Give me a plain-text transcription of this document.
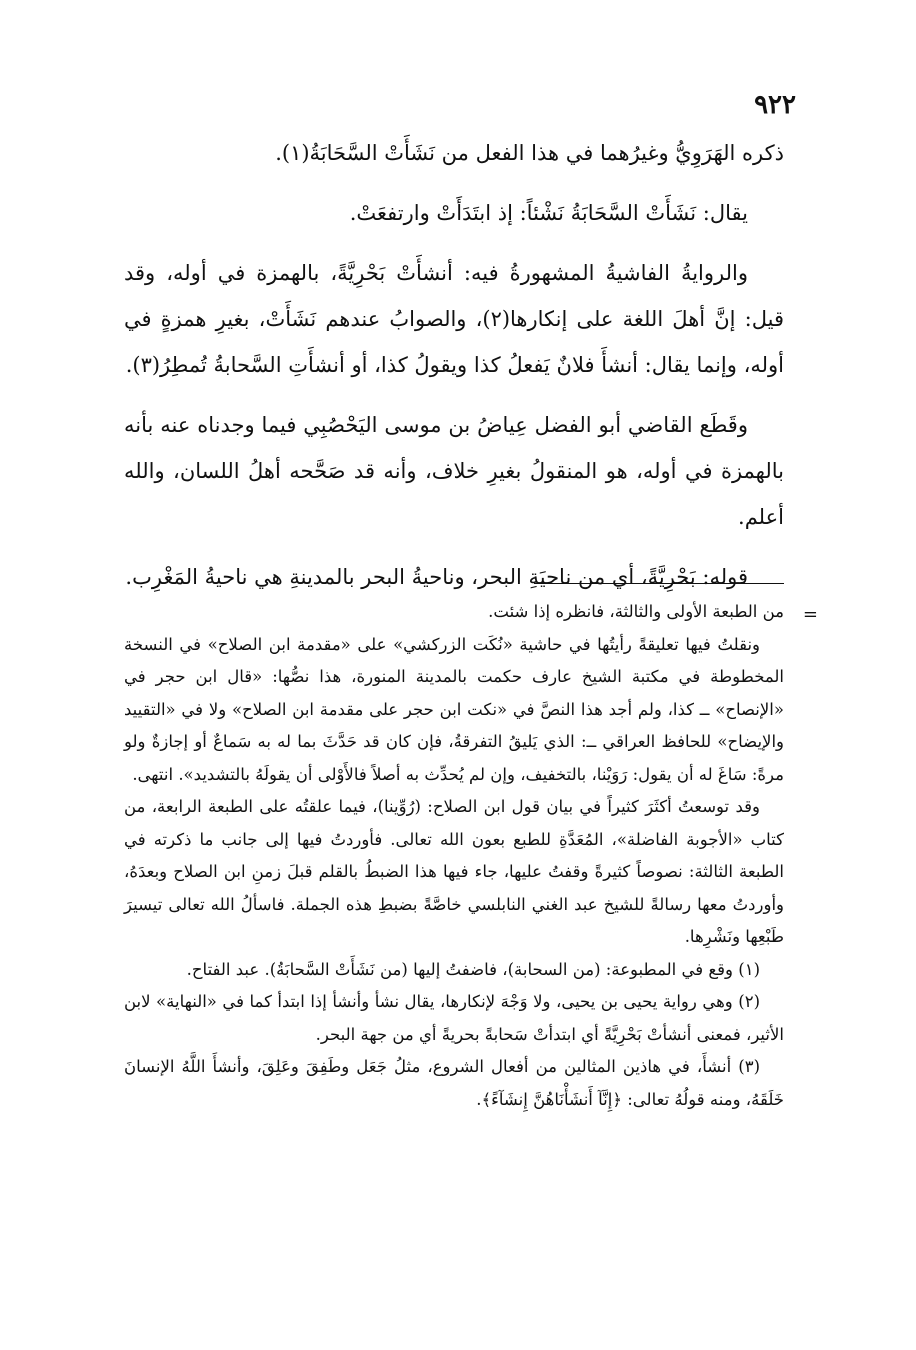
٩٢٢

ذكره الهَرَوِيُّ وغيرُهما في هذا الفعل من نَشَأَتْ السَّحَابَةُ(١).

يقال: نَشَأَتْ السَّحَابَةُ نَشْئاً: إذ ابتَدَأَتْ وارتفعَتْ.

والروايةُ الفاشيةُ المشهورةُ فيه: أنشأَتْ بَحْرِيَّةً، بالهمزة في أوله، وقد قيل: إنَّ أهلَ اللغة على إنكارها(٢)، والصوابُ عندهم نَشَأَتْ، بغيرِ همزةٍ في أوله، وإنما يقال: أنشأَ فلانٌ يَفعلُ كذا ويقولُ كذا، أو أنشأَتِ السَّحابةُ تُمطِرُ(٣).

وقَطَع القاضي أبو الفضل عِياضُ بن موسى اليَحْصُبِي فيما وجدناه عنه بأنه بالهمزة في أوله، هو المنقولُ بغيرِ خلاف، وأنه قد صَحَّحه أهلُ اللسان، والله أعلم.

قوله: بَحْرِيَّةً، أي من ناحيَةِ البحر، وناحيةُ البحر بالمدينةِ هي ناحيةُ المَغْرِب.

=

من الطبعة الأولى والثالثة، فانظره إذا شئت.

ونقلتُ فيها تعليقةً رأيتُها في حاشية «نُكَت الزركشي» على «مقدمة ابن الصلاح» في النسخة المخطوطة في مكتبة الشيخ عارف حكمت بالمدينة المنورة، هذا نصُّها: «قال ابن حجر في «الإنصاح» ــ كذا، ولم أجد هذا النصَّ في «نكت ابن حجر على مقدمة ابن الصلاح» ولا في «التقييد والإيضاح» للحافظ العراقي ــ: الذي يَليقُ التفرقةُ، فإن كان قد حَدَّثَ بما له به سَماعٌ أو إجازةٌ ولو مرةً: سَاغَ له أن يقول: رَوَيْنا، بالتخفيف، وإن لم يُحدِّث به أصلاً فالأَوْلى أن يقولَهُ بالتشديد». انتهى.

وقد توسعتُ أكثَرَ كثيراً في بيان قول ابن الصلاح: (رُوِّينا)، فيما علقتُه على الطبعة الرابعة، من كتاب «الأجوبة الفاضلة»، المُعَدَّةِ للطبع بعون الله تعالى. فأوردتُ فيها إلى جانب ما ذكرته في الطبعة الثالثة: نصوصاً كثيرةً وقفتُ عليها، جاء فيها هذا الضبطُ بالقلم قبلَ زمنِ ابن الصلاح وبعدَهُ، وأوردتُ معها رسالةً للشيخ عبد الغني النابلسي خاصَّةً بضبطِ هذه الجملة. فاسألُ الله تعالى تيسيرَ طَبْعِها ونَشْرِها.

(١) وقع في المطبوعة: (من السحابة)، فاضفتُ إليها (من نَشَأَتْ السَّحابَةُ). عبد الفتاح.

(٢) وهي رواية يحيى بن يحيى، ولا وَجْهَ لإنكارها، يقال نشأ وأنشأ إذا ابتدأ كما في «النهاية» لابن الأثير، فمعنى أنشأتْ بَحْرِيَّةً أي ابتدأتْ سَحابةً بحريةً أي من جهة البحر.

(٣) أنشأَ، في هاذين المثالين من أفعال الشروع، مثلُ جَعَل وطَفِقَ وعَلِقَ، وأنشأَ اللَّهُ الإنسانَ خَلَقَهُ، ومنه قولُهُ تعالى: ﴿إِنَّآ أَنشَأْنَاهُنَّ إِنشَآءً﴾.
